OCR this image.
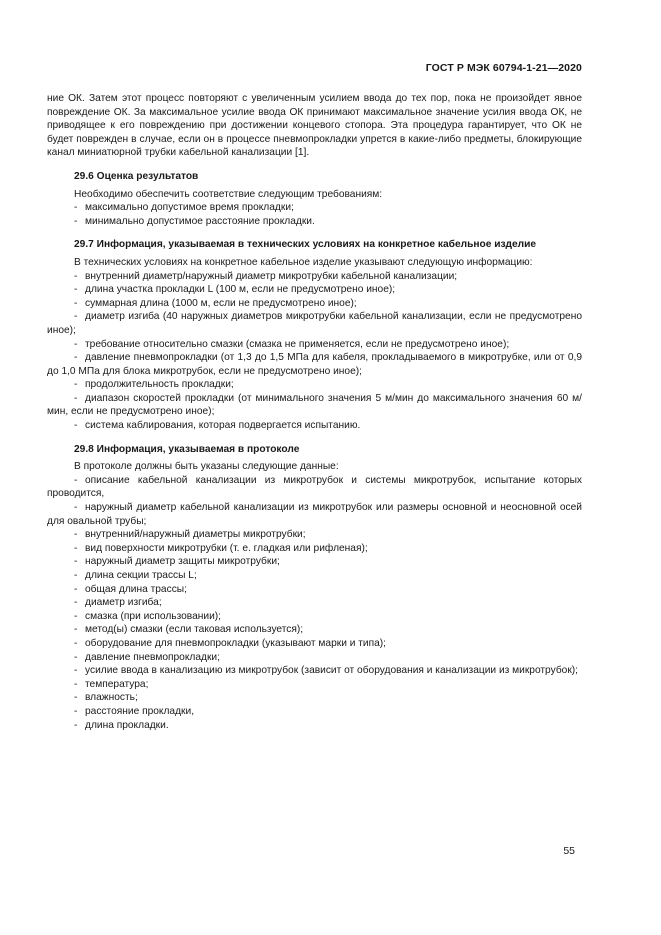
ГОСТ Р МЭК 60794-1-21—2020

ние ОК. Затем этот процесс повторяют с увеличенным усилием ввода до тех пор, пока не произойдет явное повреждение ОК. За максимальное усилие ввода ОК принимают максимальное значение усилия ввода ОК, не приводящее к его повреждению при достижении концевого стопора. Эта процедура гарантирует, что ОК не будет поврежден в случае, если он в процессе пневмопрокладки упрется в какие-либо предметы, блокирующие канал миниатюрной трубки кабельной канализации [1].

29.6 Оценка результатов

Необходимо обеспечить соответствие следующим требованиям:

- максимально допустимое время прокладки;

- минимально допустимое расстояние прокладки.

29.7 Информация, указываемая в технических условиях на конкретное кабельное изделие

В технических условиях на конкретное кабельное изделие указывают следующую информацию:

- внутренний диаметр/наружный диаметр микротрубки кабельной канализации;

- длина участка прокладки L (100 м, если не предусмотрено иное);

- суммарная длина (1000 м, если не предусмотрено иное);

- диаметр изгиба (40 наружных диаметров микротрубки кабельной канализации, если не предусмотрено иное);

- требование относительно смазки (смазка не применяется, если не предусмотрено иное);

- давление пневмопрокладки (от 1,3 до 1,5 МПа для кабеля, прокладываемого в микротрубке, или от 0,9 до 1,0 МПа для блока микротрубок, если не предусмотрено иное);

- продолжительность прокладки;

- диапазон скоростей прокладки (от минимального значения 5 м/мин до максимального значения 60 м/мин, если не предусмотрено иное);

- система каблирования, которая подвергается испытанию.

29.8 Информация, указываемая в протоколе

В протоколе должны быть указаны следующие данные:

- описание кабельной канализации из микротрубок и системы микротрубок, испытание которых проводится,

- наружный диаметр кабельной канализации из микротрубок или размеры основной и неосновной осей для овальной трубы;

- внутренний/наружный диаметры микротрубки;

- вид поверхности микротрубки (т. е. гладкая или рифленая);

- наружный диаметр защиты микротрубки;

- длина секции трассы L;

- общая длина трассы;

- диаметр изгиба;

- смазка (при использовании);

- метод(ы) смазки (если таковая используется);

- оборудование для пневмопрокладки (указывают марки и типа);

- давление пневмопрокладки;

- усилие ввода в канализацию из микротрубок (зависит от оборудования и канализации из микротрубок);

- температура;

- влажность;

- расстояние прокладки,

- длина прокладки.

55
